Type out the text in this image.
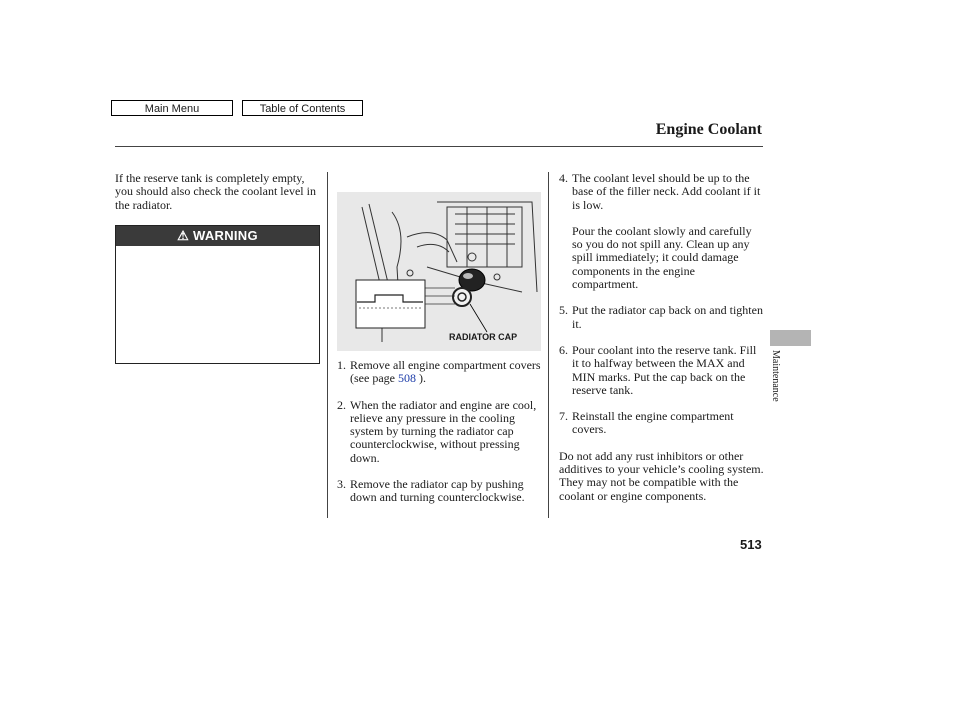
Main Menu	Table of Contents
Engine Coolant

If the reserve tank is completely empty, you should also check the coolant level in the radiator.

⚠ WARNING
RADIATOR CAP
1. Remove all engine compartment covers (see page 508 ).
2. When the radiator and engine are cool, relieve any pressure in the cooling system by turning the radiator cap counterclockwise, without pressing down.
3. Remove the radiator cap by pushing down and turning counterclockwise.
4. The coolant level should be up to the base of the filler neck. Add coolant if it is low.

Pour the coolant slowly and carefully so you do not spill any. Clean up any spill immediately; it could damage components in the engine compartment.

5. Put the radiator cap back on and tighten it.
6. Pour coolant into the reserve tank. Fill it to halfway between the MAX and MIN marks. Put the cap back on the reserve tank.
7. Reinstall the engine compartment covers.

Do not add any rust inhibitors or other additives to your vehicle’s cooling system. They may not be compatible with the coolant or engine components.

Maintenance
513
